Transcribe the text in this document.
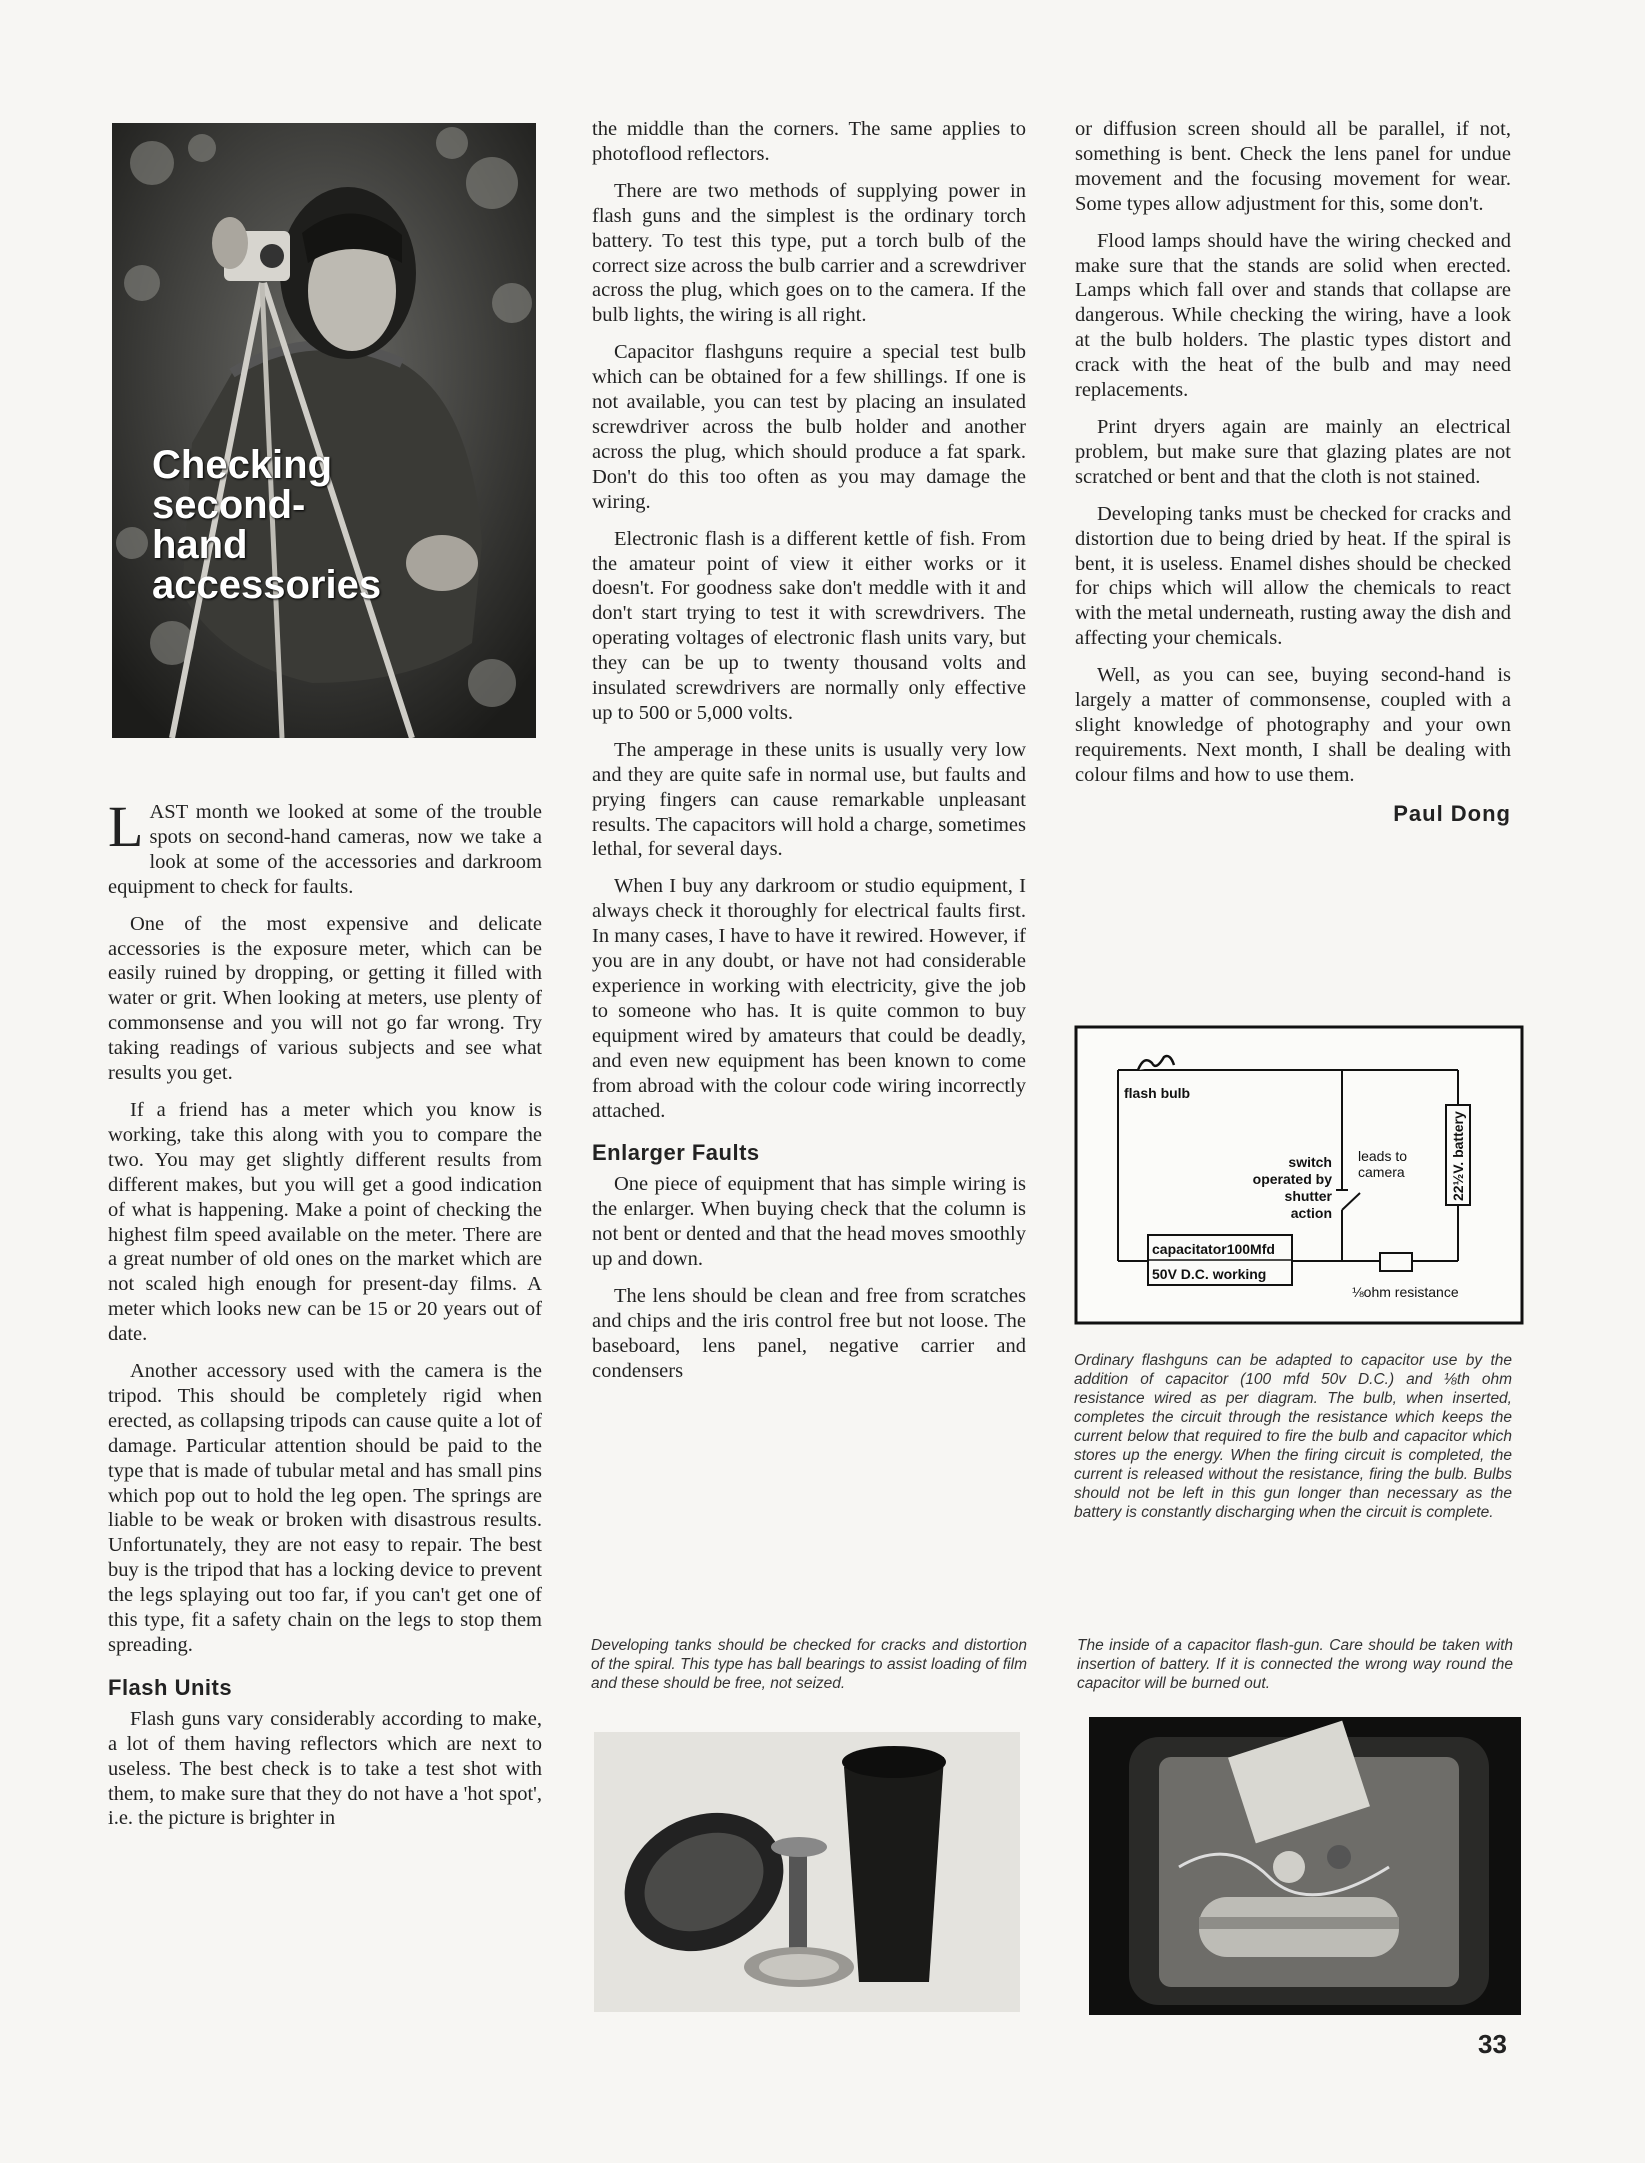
Checking
second-
hand
accessories

LAST month we looked at some of the trouble spots on second-hand cameras, now we take a look at some of the accessories and darkroom equipment to check for faults.

One of the most expensive and delicate accessories is the exposure meter, which can be easily ruined by dropping, or getting it filled with water or grit. When looking at meters, use plenty of commonsense and you will not go far wrong. Try taking readings of various subjects and see what results you get.

If a friend has a meter which you know is working, take this along with you to compare the two. You may get slightly different results from different makes, but you will get a good indication of what is happening. Make a point of checking the highest film speed available on the meter. There are a great number of old ones on the market which are not scaled high enough for present-day films. A meter which looks new can be 15 or 20 years out of date.

Another accessory used with the camera is the tripod. This should be completely rigid when erected, as collapsing tripods can cause quite a lot of damage. Particular attention should be paid to the type that is made of tubular metal and has small pins which pop out to hold the leg open. The springs are liable to be weak or broken with disastrous results. Unfortunately, they are not easy to repair. The best buy is the tripod that has a locking device to prevent the legs splaying out too far, if you can't get one of this type, fit a safety chain on the legs to stop them spreading.

Flash Units

Flash guns vary considerably according to make, a lot of them having reflectors which are next to useless. The best check is to take a test shot with them, to make sure that they do not have a 'hot spot', i.e. the picture is brighter in

the middle than the corners. The same applies to photoflood reflectors.

There are two methods of supplying power in flash guns and the simplest is the ordinary torch battery. To test this type, put a torch bulb of the correct size across the bulb carrier and a screwdriver across the plug, which goes on to the camera. If the bulb lights, the wiring is all right.

Capacitor flashguns require a special test bulb which can be obtained for a few shillings. If one is not available, you can test by placing an insulated screwdriver across the bulb holder and another across the plug, which should produce a fat spark. Don't do this too often as you may damage the wiring.

Electronic flash is a different kettle of fish. From the amateur point of view it either works or it doesn't. For goodness sake don't meddle with it and don't start trying to test it with screwdrivers. The operating voltages of electronic flash units vary, but they can be up to twenty thousand volts and insulated screwdrivers are normally only effective up to 500 or 5,000 volts.

The amperage in these units is usually very low and they are quite safe in normal use, but faults and prying fingers can cause remarkable unpleasant results. The capacitors will hold a charge, sometimes lethal, for several days.

When I buy any darkroom or studio equipment, I always check it thoroughly for electrical faults first. In many cases, I have to have it rewired. However, if you are in any doubt, or have not had considerable experience in working with electricity, give the job to someone who has. It is quite common to buy equipment wired by amateurs that could be deadly, and even new equipment has been known to come from abroad with the colour code wiring incorrectly attached.

Enlarger Faults

One piece of equipment that has simple wiring is the enlarger. When buying check that the column is not bent or dented and that the head moves smoothly up and down.

The lens should be clean and free from scratches and chips and the iris control free but not loose. The baseboard, lens panel, negative carrier and condensers

or diffusion screen should all be parallel, if not, something is bent. Check the lens panel for undue movement and the focusing movement for wear. Some types allow adjustment for this, some don't.

Flood lamps should have the wiring checked and make sure that the stands are solid when erected. Lamps which fall over and stands that collapse are dangerous. While checking the wiring, have a look at the bulb holders. The plastic types distort and crack with the heat of the bulb and may need replacements.

Print dryers again are mainly an electrical problem, but make sure that glazing plates are not scratched or bent and that the cloth is not stained.

Developing tanks must be checked for cracks and distortion due to being dried by heat. If the spiral is bent, it is useless. Enamel dishes should be checked for chips which will allow the chemicals to react with the metal underneath, rusting away the dish and affecting your chemicals.

Well, as you can see, buying second-hand is largely a matter of commonsense, coupled with a slight knowledge of photography and your own requirements. Next month, I shall be dealing with colour films and how to use them.

Paul Dong
22½V. battery
capacitator100Mfd
50V D.C. working
⅛ohm resistance
flash bulb
switch
operated by
shutter
action
leads to
camera
Ordinary flashguns can be adapted to capacitor use by the addition of capacitor (100 mfd 50v D.C.) and ⅛th ohm resistance wired as per diagram. The bulb, when inserted, completes the circuit through the resistance which keeps the current below that required to fire the bulb and capacitor which stores up the energy. When the firing circuit is completed, the current is released without the resistance, firing the bulb. Bulbs should not be left in this gun longer than necessary as the battery is constantly discharging when the circuit is complete.
Developing tanks should be checked for cracks and distortion of the spiral. This type has ball bearings to assist loading of film and these should be free, not seized.
The inside of a capacitor flash-gun. Care should be taken with insertion of battery. If it is connected the wrong way round the capacitor will be burned out.
33
